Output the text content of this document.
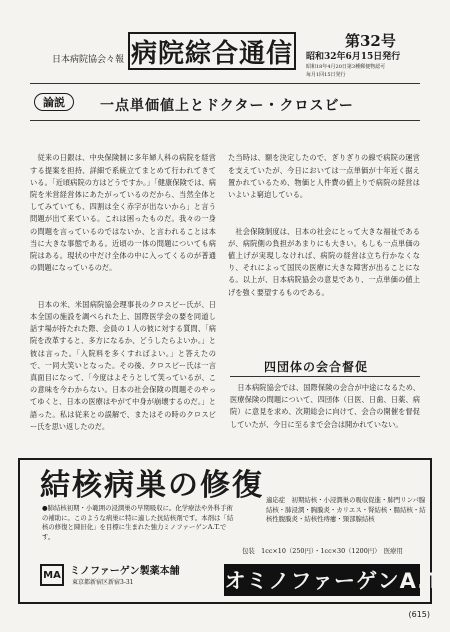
日本病院協会々報 病院綜合通信	第32号
昭和32年6月15日発行
昭和18年4月20日第3種郵便物認可
毎月1回15日発行
論説	一点単価値上とドクター・クロスビー

　従来の日銀は、中央保険制に多年婦人科の病院を経営する提案を担持、詳細で系統立てまとめて行われてきている。「近頃病院の方はどうですか。」「健康保険では、病院を米営経営体にあたがっているのだから、当然全体としてみていても、四割は全く赤字が出ないから」と言う問題が出て来ている。これは困ったものだ。我々の一身の問題を言っているのではないか、と言われることは本当に大きな事態である。近頃の一体の問題についても病院はある。現状の中だけ全体の中に入ってくるのが普通の問題になっているのだ。

　日本の米、米国病院協会理事長のクロスビー氏が、日本全国の施設を調べられた上、国際医学会の要を同道し話す場が持たれた際、会員の１人の彼に対する質問、「病院を改革すると、多方になるか、どうしたらよいか。」と彼は言った。「入院料を多くすればよい。」と答えたので、一同大笑いとなった。その後、クロスビー氏は一言真面目になって、「今度はよそうとして笑っているが、この意味を今わからない。日本の社会保険の問題そのやってゆくと、日本の医療はやがて中身が崩壊するのだ。」と語った。私は従来との誤解で、またはその時のクロスビー氏を思い返したのだ。

た当時は、額を決定したので、ぎりぎりの線で病院の運営を支えていたが、今日においては一点単価が十年近く据え置かれているため、物価と人件費の値上りで病院の経営はいよいよ窮迫している。

　社会保険制度は、日本の社会にとって大きな福祉であるが、病院側の負担があまりにも大きい。もしも一点単価の値上げが実現しなければ、病院の経営は立ち行かなくなり、それによって国民の医療に大きな障害が出ることになる。以上が、日本病院協会の意見であり、一点単価の値上げを強く要望するものである。

四団体の会合督促
　日本病院協会では、国際保険の会合が中途になるため、医療保険の問題について、四団体（日医、日歯、日薬、病院）に意見を求め、次期総会に向けて、会合の開催を督促していたが、今日に至るまで会合は開かれていない。
結核病巣の修復
●肺結核初期・小範囲の浸潤巣の早期吸収に。化学療法や外科手術の補助に。このような病巣に特に適した抗結核剤です。本剤は「結核の修復と陳旧化」を目標に生まれた強力ミノファーゲンA.T.です。
適応症　初期結核・小浸潤巣の吸収促進・肺門リンパ腺結核・肺浸潤・胸膜炎・カリエス・腎結核・腸結核・結核性腹膜炎・結核性痔瘻・頸部腺結核
包装　1cc×10（250円）・1cc×30（1200円）　医療用
MA ミノファーゲン製薬本舗
東京都新宿区新宿3-31	ネオミノファーゲンA.T
(615)
